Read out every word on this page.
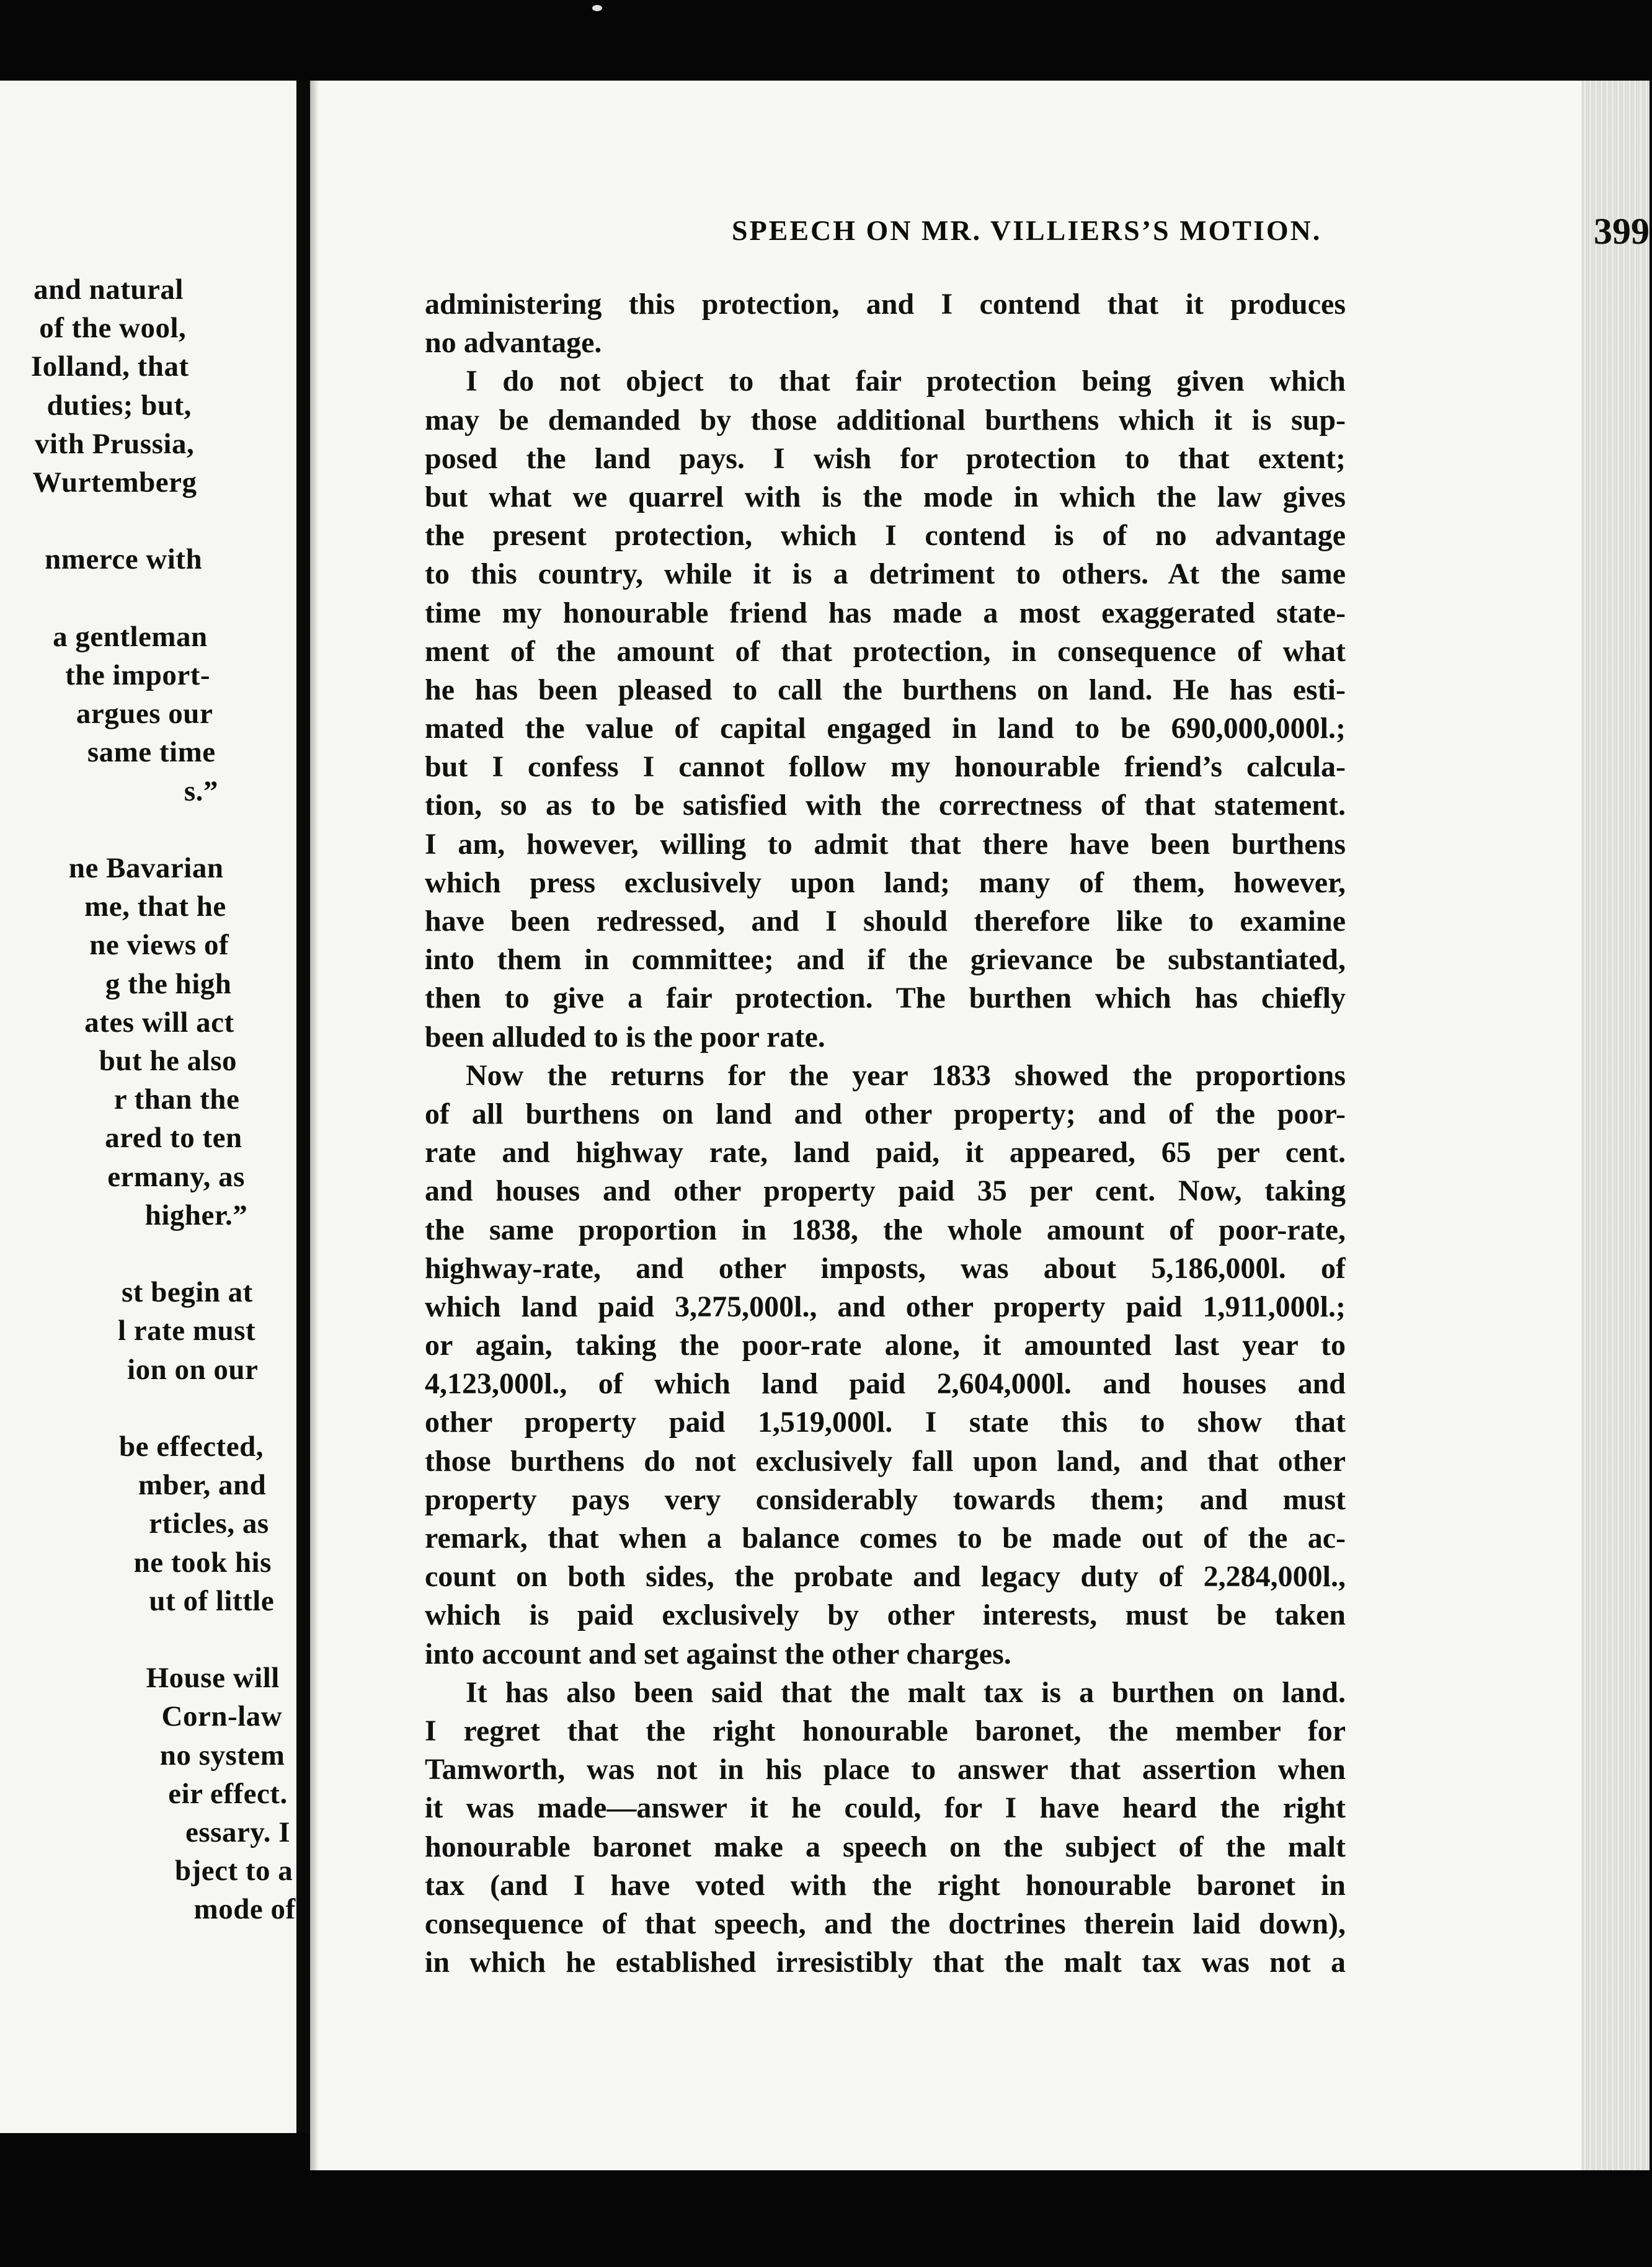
and natural
of the wool,
Iolland, that
duties; but,
vith Prussia,
Wurtemberg
nmerce with
a gentleman
the import-
argues our
same time
s.”
ne Bavarian
me, that he
ne views of
g the high
ates will act
but he also
r than the
ared to ten
ermany, as
higher.”
st begin at
l rate must
ion on our
be effected,
mber, and
rticles, as
ne took his
ut of little
House will
Corn-law
no system
eir effect.
essary. I
bject to a
mode of
SPEECH ON MR. VILLIERS’S MOTION.	399
administering this protection, and I contend that it produces
no advantage.
I do not object to that fair protection being given which
may be demanded by those additional burthens which it is sup-
posed the land pays. I wish for protection to that extent;
but what we quarrel with is the mode in which the law gives
the present protection, which I contend is of no advantage
to this country, while it is a detriment to others. At the same
time my honourable friend has made a most exaggerated state-
ment of the amount of that protection, in consequence of what
he has been pleased to call the burthens on land. He has esti-
mated the value of capital engaged in land to be 690,000,000l.;
but I confess I cannot follow my honourable friend’s calcula-
tion, so as to be satisfied with the correctness of that statement.
I am, however, willing to admit that there have been burthens
which press exclusively upon land; many of them, however,
have been redressed, and I should therefore like to examine
into them in committee; and if the grievance be substantiated,
then to give a fair protection. The burthen which has chiefly
been alluded to is the poor rate.
Now the returns for the year 1833 showed the proportions
of all burthens on land and other property; and of the poor-
rate and highway rate, land paid, it appeared, 65 per cent.
and houses and other property paid 35 per cent. Now, taking
the same proportion in 1838, the whole amount of poor-rate,
highway-rate, and other imposts, was about 5,186,000l. of
which land paid 3,275,000l., and other property paid 1,911,000l.;
or again, taking the poor-rate alone, it amounted last year to
4,123,000l., of which land paid 2,604,000l. and houses and
other property paid 1,519,000l. I state this to show that
those burthens do not exclusively fall upon land, and that other
property pays very considerably towards them; and must
remark, that when a balance comes to be made out of the ac-
count on both sides, the probate and legacy duty of 2,284,000l.,
which is paid exclusively by other interests, must be taken
into account and set against the other charges.
It has also been said that the malt tax is a burthen on land.
I regret that the right honourable baronet, the member for
Tamworth, was not in his place to answer that assertion when
it was made—answer it he could, for I have heard the right
honourable baronet make a speech on the subject of the malt
tax (and I have voted with the right honourable baronet in
consequence of that speech, and the doctrines therein laid down),
in which he established irresistibly that the malt tax was not a
